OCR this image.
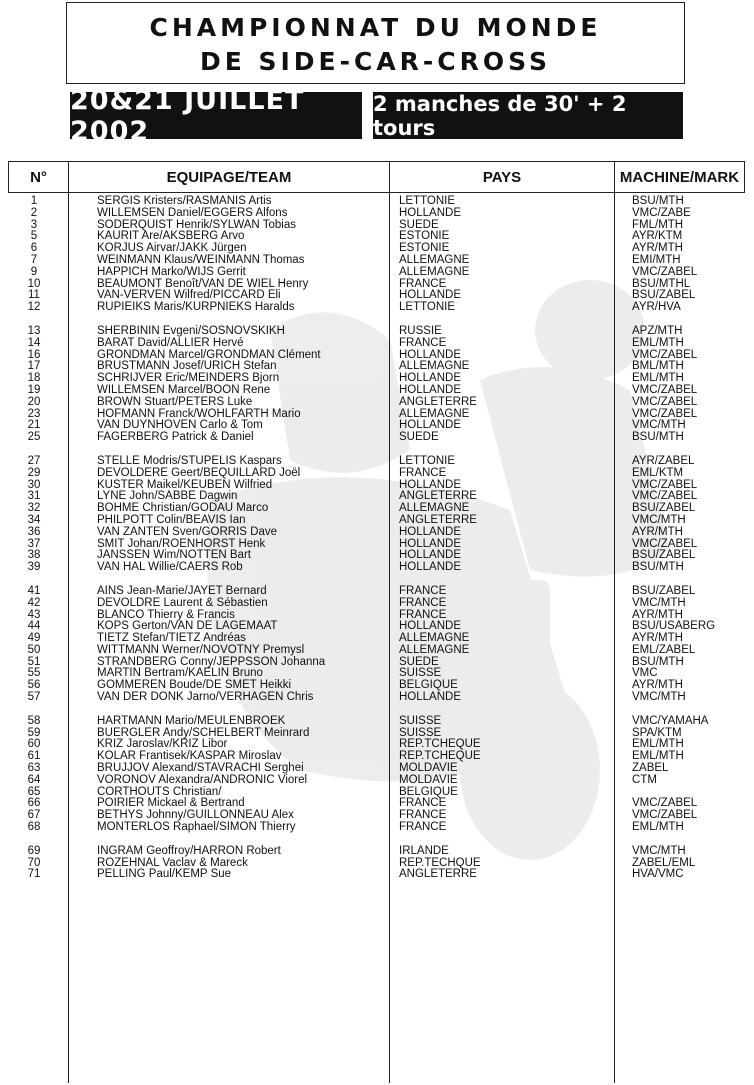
CHAMPIONNAT DU MONDE
DE SIDE-CAR-CROSS
20&21 JUILLET 2002
2 manches de 30' + 2 tours
N°	EQUIPAGE/TEAM	PAYS	MACHINE/MARK
1	SERGIS Kristers/RASMANIS Artis	LETTONIE	BSU/MTH
2	WILLEMSEN Daniel/EGGERS Alfons	HOLLANDE	VMC/ZABE
3	SODERQUIST Henrik/SYLWAN Tobias	SUEDE	FML/MTH
5	KAURIT Are/AKSBERG Arvo	ESTONIE	AYR/KTM
6	KORJUS Airvar/JAKK Jürgen	ESTONIE	AYR/MTH
7	WEINMANN Klaus/WEINMANN Thomas	ALLEMAGNE	EMI/MTH
9	HAPPICH Marko/WIJS Gerrit	ALLEMAGNE	VMC/ZABEL
10	BEAUMONT Benoît/VAN DE WIEL Henry	FRANCE	BSU/MTHL
11	VAN-VERVEN Wilfred/PICCARD Eli	HOLLANDE	BSU/ZABEL
12	RUPIEIKS Maris/KURPNIEKS Haralds	LETTONIE	AYR/HVA
13	SHERBININ Evgeni/SOSNOVSKIKH	RUSSIE	APZ/MTH
14	BARAT David/ALLIER Hervé	FRANCE	EML/MTH
16	GRONDMAN Marcel/GRONDMAN Clément	HOLLANDE	VMC/ZABEL
17	BRUSTMANN Josef/URICH Stefan	ALLEMAGNE	BML/MTH
18	SCHRIJVER Eric/MEINDERS Bjorn	HOLLANDE	EML/MTH
19	WILLEMSEN Marcel/BOON Rene	HOLLANDE	VMC/ZABEL
20	BROWN Stuart/PETERS Luke	ANGLETERRE	VMC/ZABEL
23	HOFMANN Franck/WOHLFARTH Mario	ALLEMAGNE	VMC/ZABEL
21	VAN DUYNHOVEN Carlo & Tom	HOLLANDE	VMC/MTH
25	FAGERBERG Patrick & Daniel	SUEDE	BSU/MTH
27	STELLE Modris/STUPELIS Kaspars	LETTONIE	AYR/ZABEL
29	DEVOLDERE Geert/BEQUILLARD Joël	FRANCE	EML/KTM
30	KUSTER Maikel/KEUBEN Wilfried	HOLLANDE	VMC/ZABEL
31	LYNE John/SABBE Dagwin	ANGLETERRE	VMC/ZABEL
32	BOHME Christian/GODAU Marco	ALLEMAGNE	BSU/ZABEL
34	PHILPOTT Colin/BEAVIS Ian	ANGLETERRE	VMC/MTH
36	VAN ZANTEN Sven/GORRIS Dave	HOLLANDE	AYR/MTH
37	SMIT Johan/ROENHORST Henk	HOLLANDE	VMC/ZABEL
38	JANSSEN Wim/NOTTEN Bart	HOLLANDE	BSU/ZABEL
39	VAN HAL Willie/CAERS Rob	HOLLANDE	BSU/MTH
41	AINS Jean-Marie/JAYET Bernard	FRANCE	BSU/ZABEL
42	DEVOLDRE Laurent & Sébastien	FRANCE	VMC/MTH
43	BLANCO Thierry & Francis	FRANCE	AYR/MTH
44	KOPS Gerton/VAN DE LAGEMAAT	HOLLANDE	BSU/USABERG
49	TIETZ Stefan/TIETZ Andréas	ALLEMAGNE	AYR/MTH
50	WITTMANN Werner/NOVOTNY Premysl	ALLEMAGNE	EML/ZABEL
51	STRANDBERG Conny/JEPPSSON Johanna	SUEDE	BSU/MTH
55	MARTIN Bertram/KAELIN Bruno	SUISSE	VMC
56	GOMMEREN Boude/DE SMET Heikki	BELGIQUE	AYR/MTH
57	VAN DER DONK Jarno/VERHAGEN Chris	HOLLANDE	VMC/MTH
58	HARTMANN Mario/MEULENBROEK	SUISSE	VMC/YAMAHA
59	BUERGLER Andy/SCHELBERT Meinrard	SUISSE	SPA/KTM
60	KRIZ Jaroslav/KRIZ Libor	REP.TCHEQUE	EML/MTH
61	KOLAR Frantisek/KASPAR Miroslav	REP.TCHEQUE	EML/MTH
63	BRUJJOV Alexand/STAVRACHI Serghei	MOLDAVIE	ZABEL
64	VORONOV Alexandra/ANDRONIC Viorel	MOLDAVIE	CTM
65	CORTHOUTS Christian/	BELGIQUE
66	POIRIER Mickael & Bertrand	FRANCE	VMC/ZABEL
67	BETHYS Johnny/GUILLONNEAU Alex	FRANCE	VMC/ZABEL
68	MONTERLOS Raphael/SIMON Thierry	FRANCE	EML/MTH
69	INGRAM Geoffroy/HARRON Robert	IRLANDE	VMC/MTH
70	ROZEHNAL Vaclav & Mareck	REP.TECHQUE	ZABEL/EML
71	PELLING Paul/KEMP Sue	ANGLETERRE	HVA/VMC
